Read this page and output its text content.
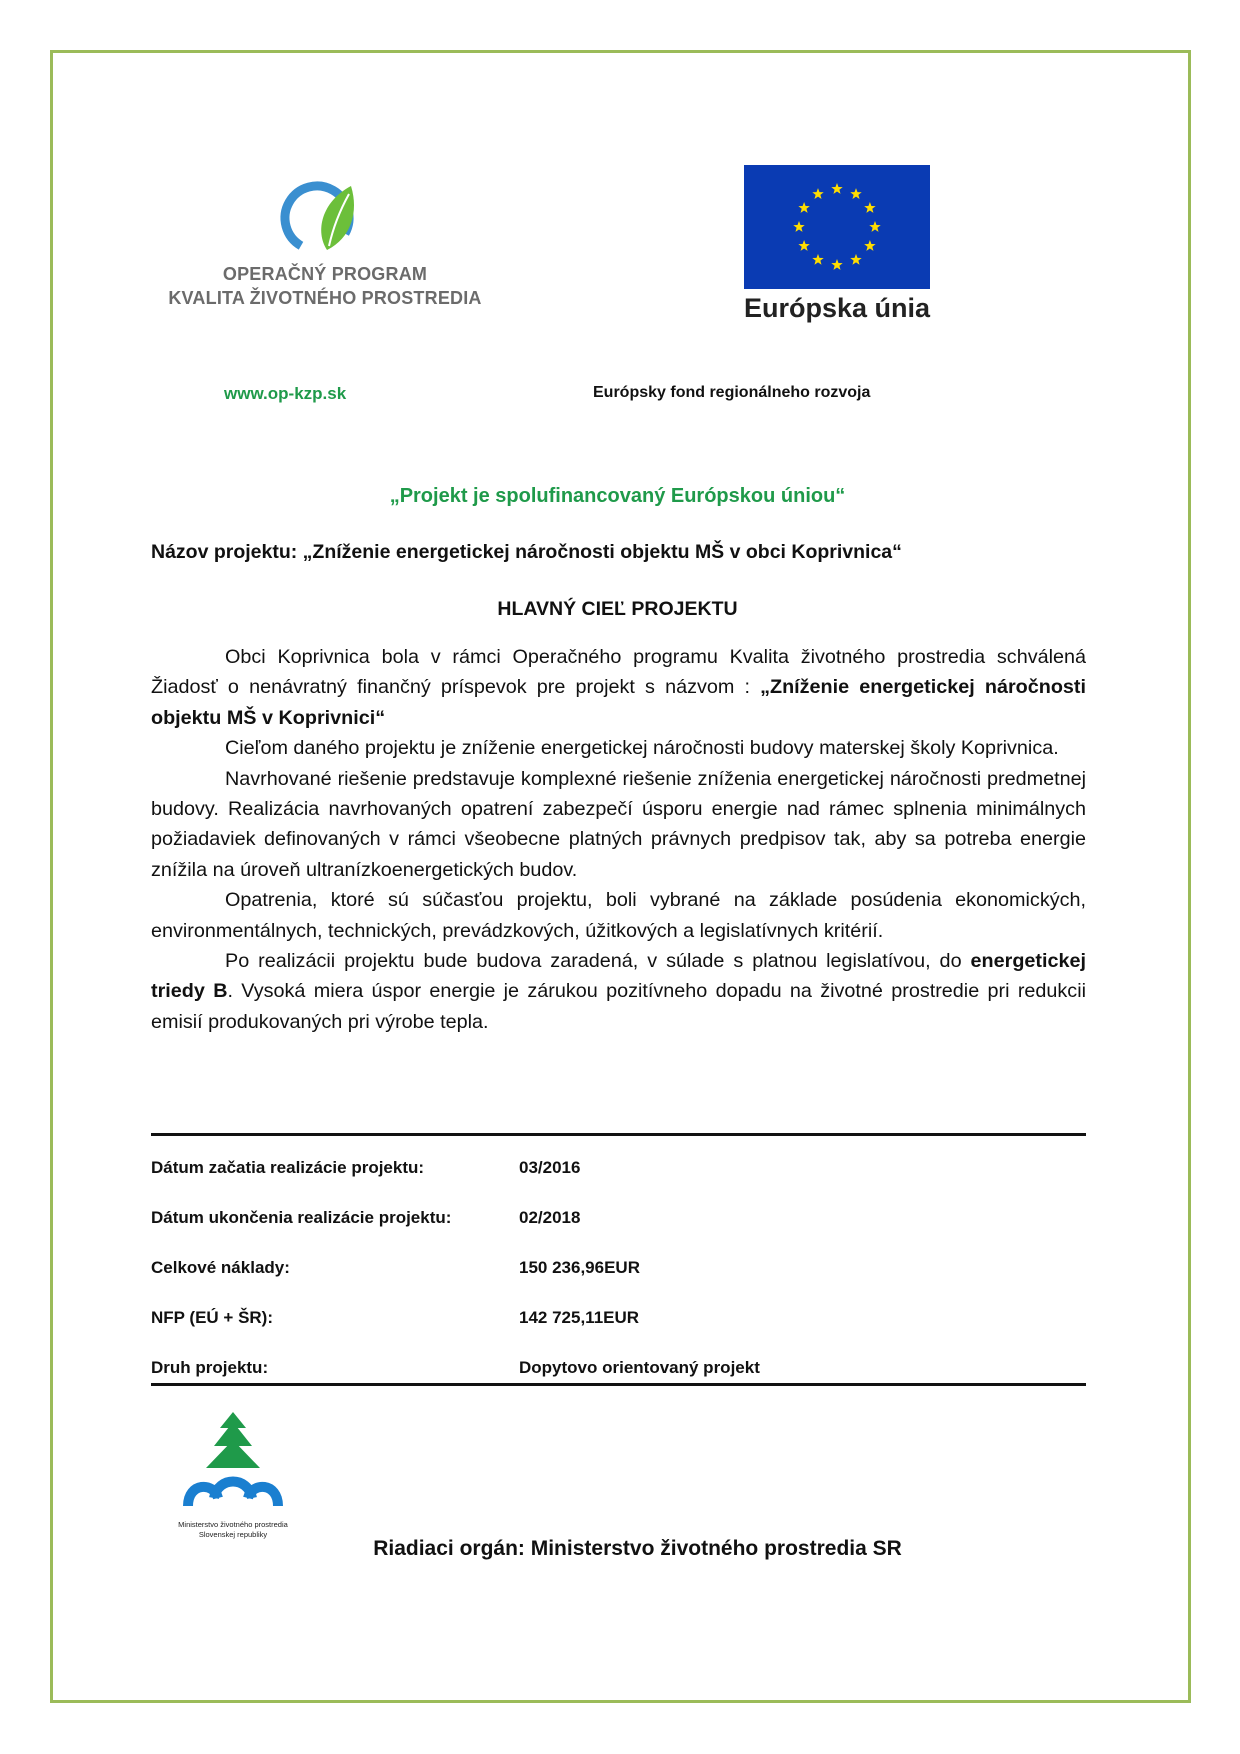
OPERAČNÝ PROGRAM
KVALITA ŽIVOTNÉHO PROSTREDIA	Európska únia
www.op-kzp.sk	Európsky fond regionálneho rozvoja
„Projekt je spolufinancovaný Európskou úniou“
Názov projektu: „Zníženie energetickej náročnosti objektu MŠ v obci Koprivnica“
HLAVNÝ CIEĽ PROJEKTU

Obci Koprivnica bola v rámci Operačného programu Kvalita životného prostredia schválená Žiadosť o nenávratný finančný príspevok pre projekt s názvom : „Zníženie energetickej náročnosti objektu MŠ v Koprivnici“

Cieľom daného projektu je zníženie energetickej náročnosti budovy materskej školy Koprivnica.

Navrhované riešenie predstavuje komplexné riešenie zníženia energetickej náročnosti predmetnej budovy. Realizácia navrhovaných opatrení zabezpečí úsporu energie nad rámec splnenia minimálnych požiadaviek definovaných v rámci všeobecne platných právnych predpisov tak, aby sa potreba energie znížila na úroveň ultranízkoenergetických budov.

Opatrenia, ktoré sú súčasťou projektu, boli vybrané na základe posúdenia ekonomických, environmentálnych, technických, prevádzkových, úžitkových a legislatívnych kritérií.

Po realizácii projektu bude budova zaradená, v súlade s platnou legislatívou, do energetickej triedy B. Vysoká miera úspor energie je zárukou pozitívneho dopadu na životné prostredie pri redukcii emisií produkovaných pri výrobe tepla.

Dátum začatia realizácie projektu:	03/2016
Dátum ukončenia realizácie projektu:	02/2018
Celkové náklady:	150 236,96EUR
NFP (EÚ + ŠR):	142 725,11EUR
Druh projektu:	Dopytovo orientovaný projekt
Ministerstvo životného prostredia
Slovenskej republiky
Riadiaci orgán: Ministerstvo životného prostredia SR
